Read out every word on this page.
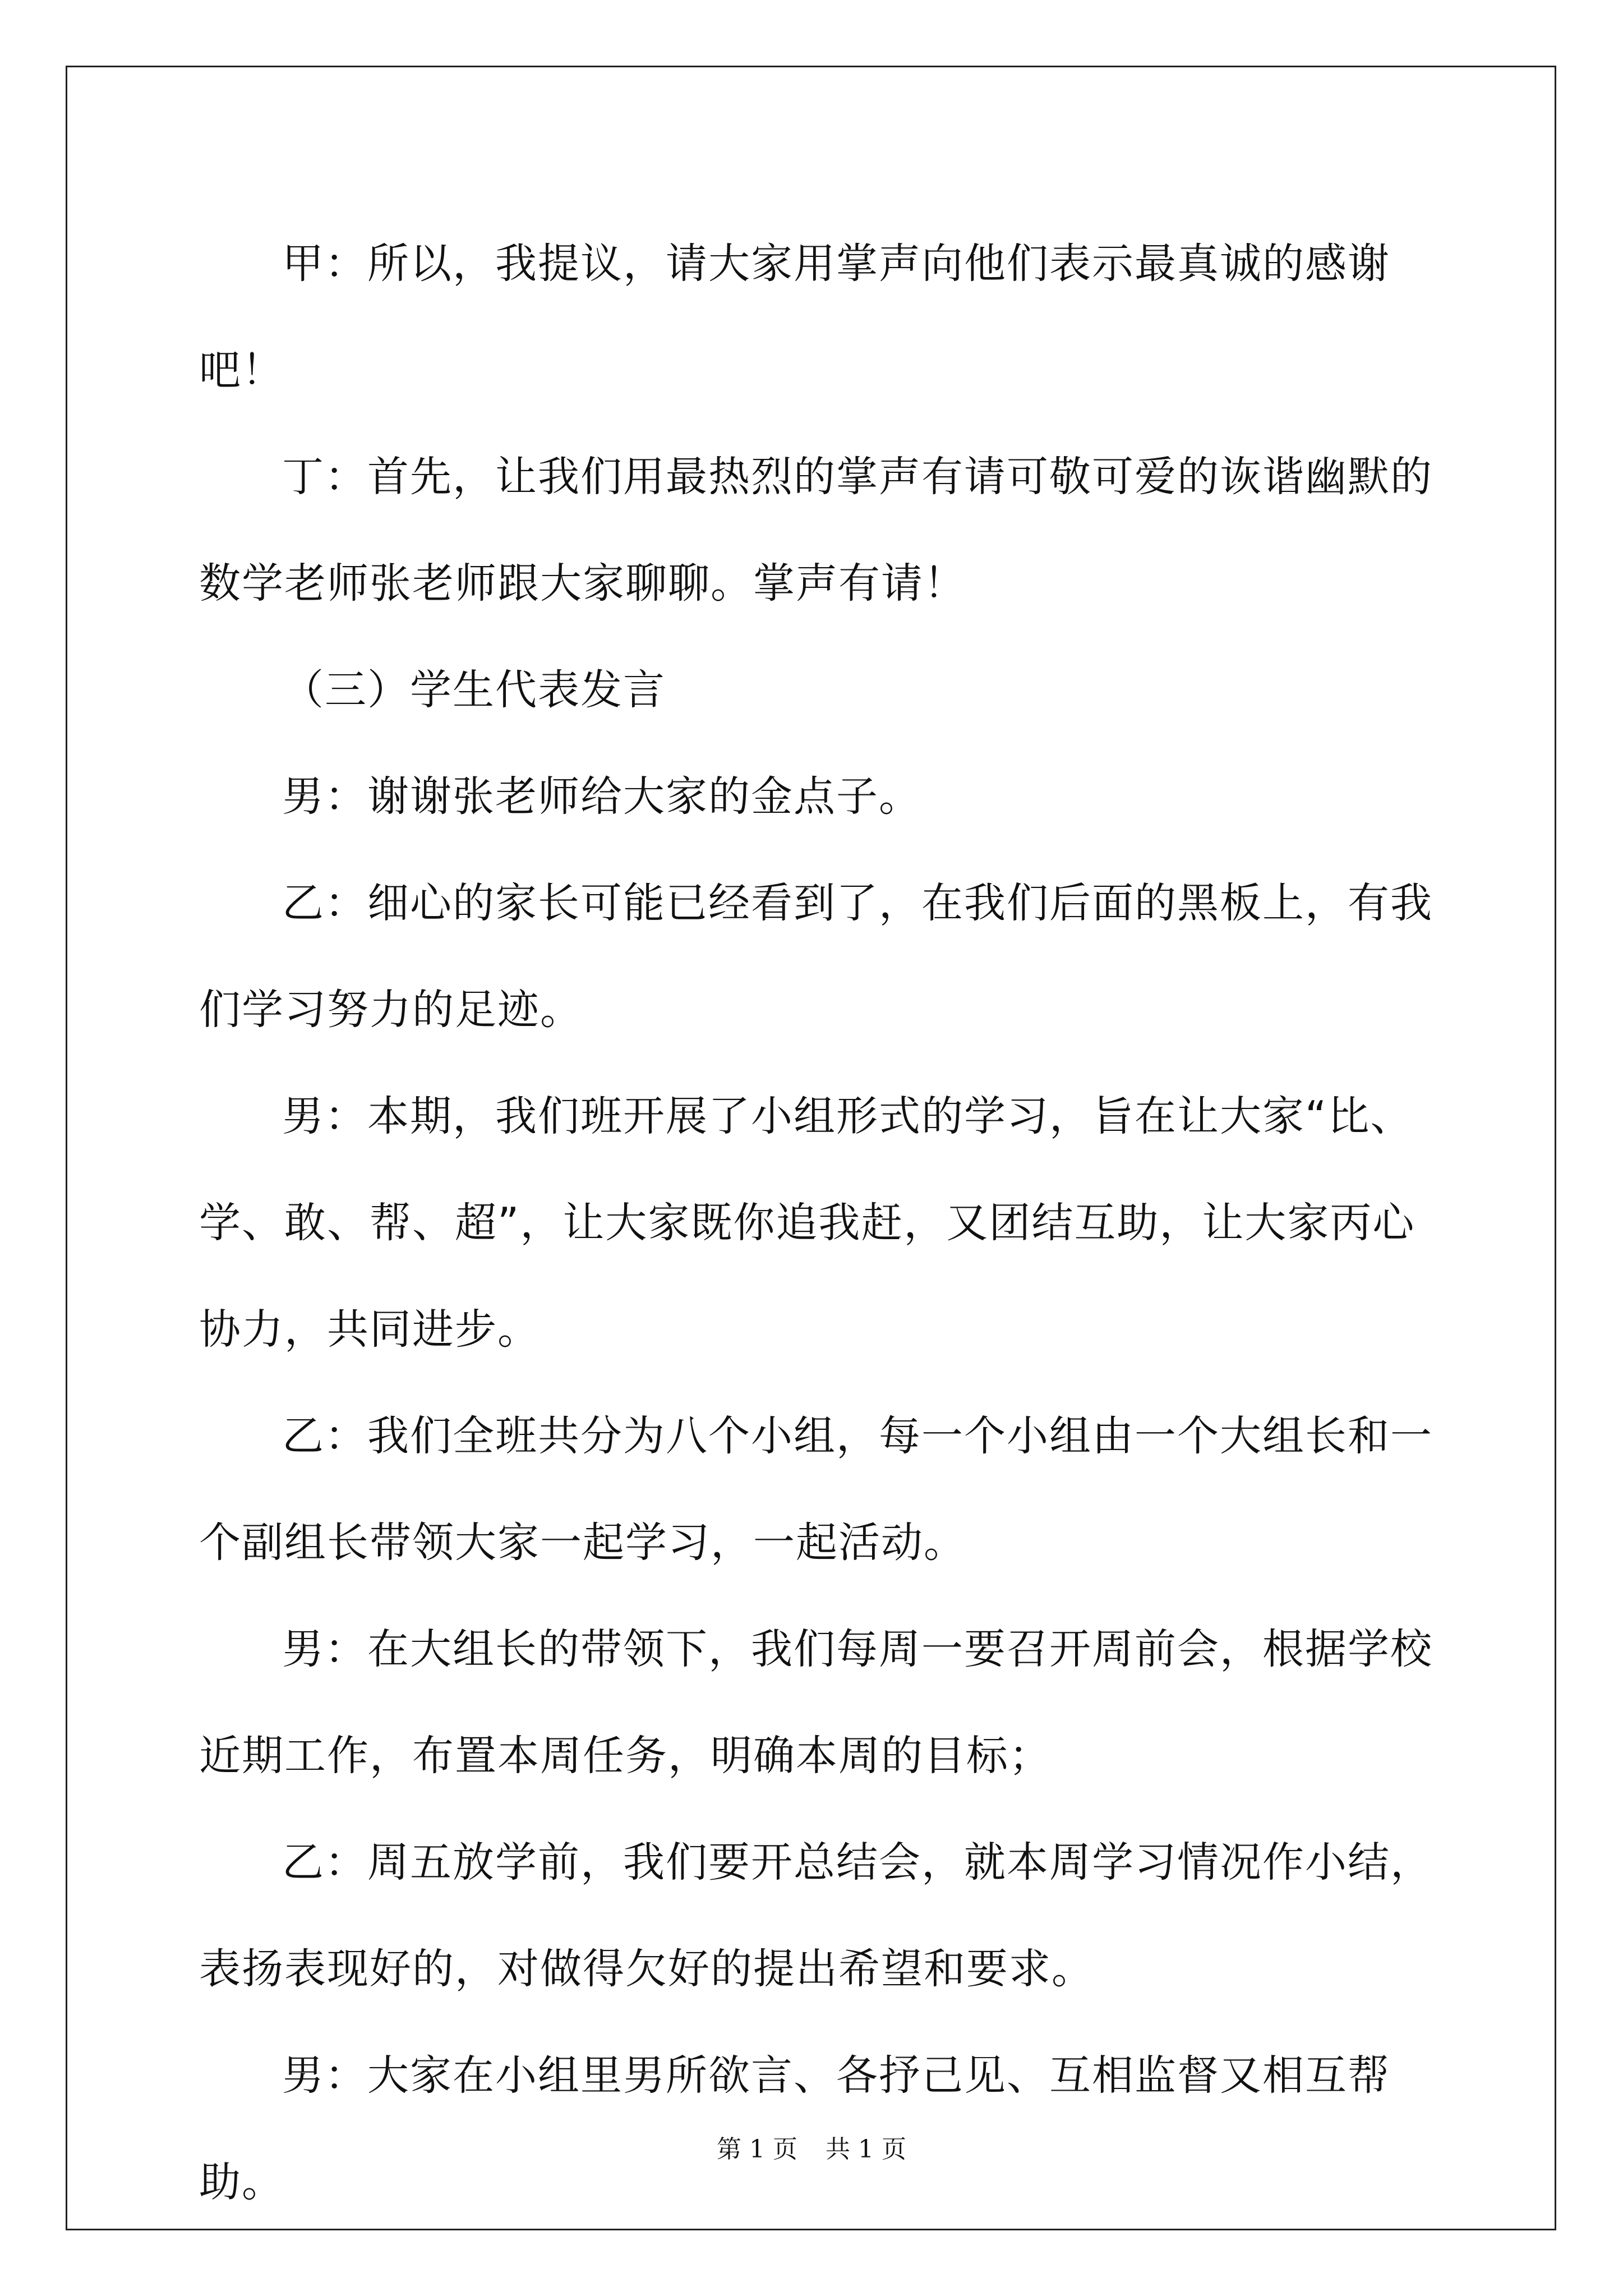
甲：所以，我提议，请大家用掌声向他们表示最真诚的感谢吧！

丁：首先，让我们用最热烈的掌声有请可敬可爱的诙谐幽默的数学老师张老师跟大家聊聊。掌声有请！

（三）学生代表发言

男：谢谢张老师给大家的金点子。

乙：细心的家长可能已经看到了，在我们后面的黑板上，有我们学习努力的足迹。

男：本期，我们班开展了小组形式的学习，旨在让大家“比、学、敢、帮、超”，让大家既你追我赶，又团结互助，让大家丙心协力，共同进步。

乙：我们全班共分为八个小组，每一个小组由一个大组长和一个副组长带领大家一起学习，一起活动。

男：在大组长的带领下，我们每周一要召开周前会，根据学校近期工作，布置本周任务，明确本周的目标；

乙：周五放学前，我们要开总结会，就本周学习情况作小结，表扬表现好的，对做得欠好的提出希望和要求。

男：大家在小组里男所欲言、各抒己见、互相监督又相互帮助。

第 1 页 共 1 页
